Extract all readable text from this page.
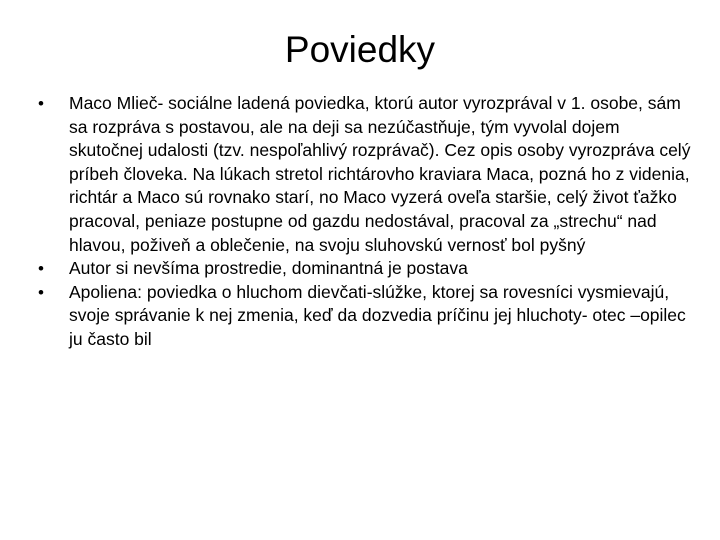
Poviedky
• Maco Mlieč- sociálne ladená poviedka, ktorú autor vyrozprával v 1. osobe, sám sa rozpráva s postavou, ale na deji sa nezúčastňuje, tým vyvolal dojem skutočnej udalosti (tzv. nespoľahlivý rozprávač). Cez opis osoby vyrozpráva celý príbeh človeka. Na lúkach stretol richtárovho kraviara Maca, pozná ho z videnia, richtár a Maco sú rovnako starí, no Maco vyzerá oveľa staršie, celý život ťažko pracoval, peniaze postupne od gazdu nedostával, pracoval za „strechu“ nad hlavou, poživeň a oblečenie, na svoju sluhovskú vernosť bol pyšný
• Autor si nevšíma prostredie, dominantná je postava
• Apoliena: poviedka o hluchom dievčati-slúžke, ktorej sa rovesníci vysmievajú, svoje správanie k nej zmenia, keď da dozvedia príčinu jej hluchoty- otec –opilec ju často bil
